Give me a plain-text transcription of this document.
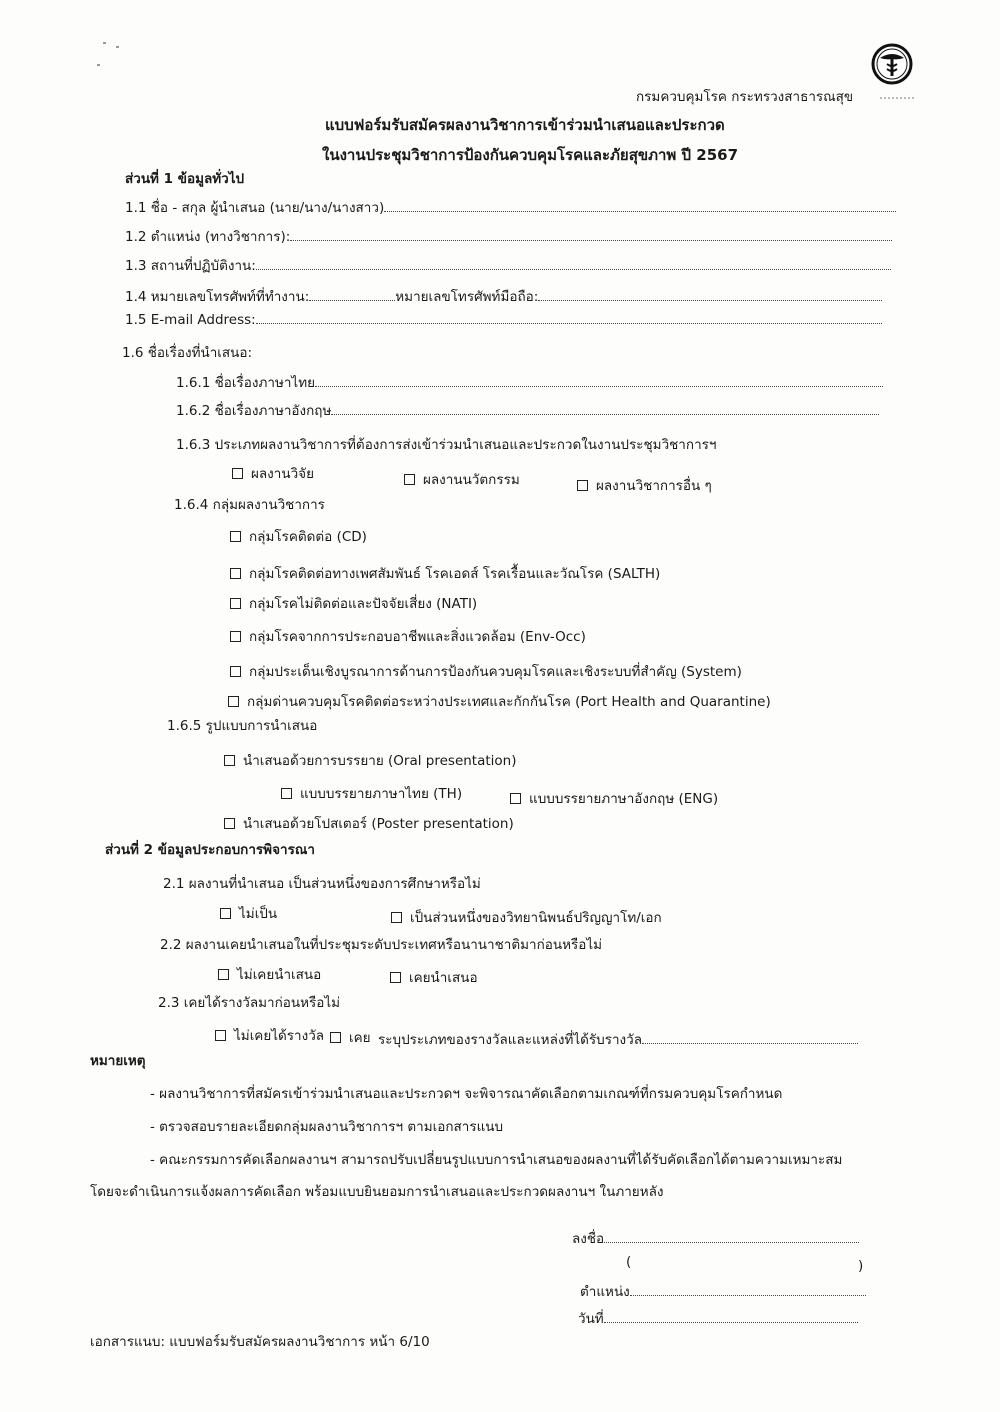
กรมควบคุมโรค กระทรวงสาธารณสุข
แบบฟอร์มรับสมัครผลงานวิชาการเข้าร่วมนำเสนอและประกวด
ในงานประชุมวิชาการป้องกันควบคุมโรคและภัยสุขภาพ ปี 2567
ส่วนที่ 1 ข้อมูลทั่วไป
1.1 ชื่อ - สกุล ผู้นำเสนอ (นาย/นาง/นางสาว)
1.2 ตำแหน่ง (ทางวิชาการ):
1.3 สถานที่ปฏิบัติงาน:
1.4 หมายเลขโทรศัพท์ที่ทำงาน:	หมายเลขโทรศัพท์มือถือ:
1.5 E-mail Address:
1.6 ชื่อเรื่องที่นำเสนอ:
1.6.1 ชื่อเรื่องภาษาไทย
1.6.2 ชื่อเรื่องภาษาอังกฤษ
1.6.3 ประเภทผลงานวิชาการที่ต้องการส่งเข้าร่วมนำเสนอและประกวดในงานประชุมวิชาการฯ
ผลงานวิจัย	ผลงานนวัตกรรม	ผลงานวิชาการอื่น ๆ
1.6.4 กลุ่มผลงานวิชาการ
กลุ่มโรคติดต่อ (CD)
กลุ่มโรคติดต่อทางเพศสัมพันธ์ โรคเอดส์ โรคเรื้อนและวัณโรค (SALTH)
กลุ่มโรคไม่ติดต่อและปัจจัยเสี่ยง (NATI)
กลุ่มโรคจากการประกอบอาชีพและสิ่งแวดล้อม (Env-Occ)
กลุ่มประเด็นเชิงบูรณาการด้านการป้องกันควบคุมโรคและเชิงระบบที่สำคัญ (System)
กลุ่มด่านควบคุมโรคติดต่อระหว่างประเทศและกักกันโรค (Port Health and Quarantine)
1.6.5 รูปแบบการนำเสนอ
นำเสนอด้วยการบรรยาย (Oral presentation)
แบบบรรยายภาษาไทย (TH)	แบบบรรยายภาษาอังกฤษ (ENG)
นำเสนอด้วยโปสเตอร์ (Poster presentation)
ส่วนที่ 2 ข้อมูลประกอบการพิจารณา
2.1 ผลงานที่นำเสนอ เป็นส่วนหนึ่งของการศึกษาหรือไม่
ไม่เป็น	เป็นส่วนหนึ่งของวิทยานิพนธ์ปริญญาโท/เอก
2.2 ผลงานเคยนำเสนอในที่ประชุมระดับประเทศหรือนานาชาติมาก่อนหรือไม่
ไม่เคยนำเสนอ	เคยนำเสนอ
2.3 เคยได้รางวัลมาก่อนหรือไม่
ไม่เคยได้รางวัล	เคย ระบุประเภทของรางวัลและแหล่งที่ได้รับรางวัล
หมายเหตุ
- ผลงานวิชาการที่สมัครเข้าร่วมนำเสนอและประกวดฯ จะพิจารณาคัดเลือกตามเกณฑ์ที่กรมควบคุมโรคกำหนด
- ตรวจสอบรายละเอียดกลุ่มผลงานวิชาการฯ ตามเอกสารแนบ
- คณะกรรมการคัดเลือกผลงานฯ สามารถปรับเปลี่ยนรูปแบบการนำเสนอของผลงานที่ได้รับคัดเลือกได้ตามความเหมาะสม
โดยจะดำเนินการแจ้งผลการคัดเลือก พร้อมแบบยินยอมการนำเสนอและประกวดผลงานฯ ในภายหลัง
ลงชื่อ
(	)
ตำแหน่ง
วันที่
เอกสารแนบ: แบบฟอร์มรับสมัครผลงานวิชาการ หน้า 6/10
